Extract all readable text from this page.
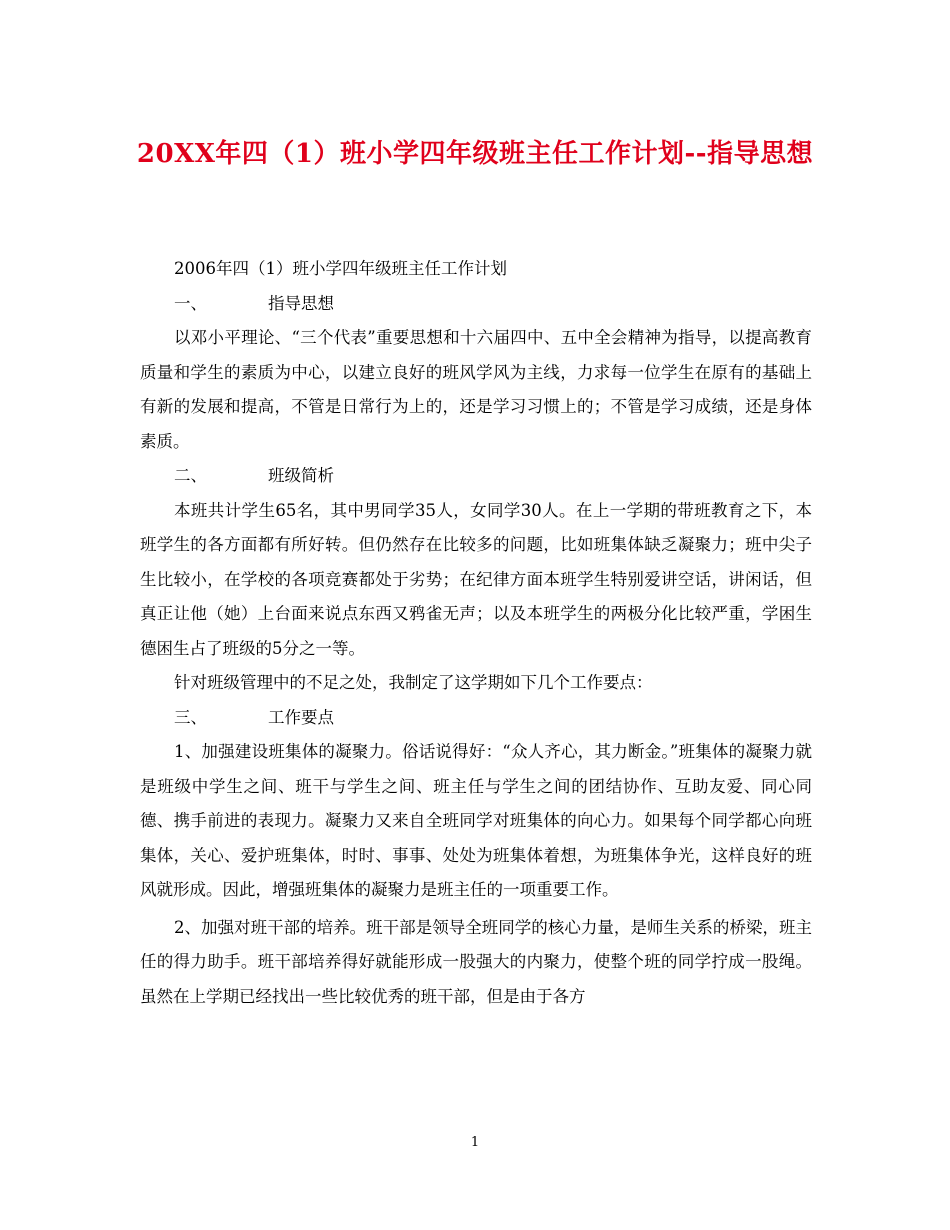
20XX年四（1）班小学四年级班主任工作计划--指导思想

2006年四（1）班小学四年级班主任工作计划

一、	指导思想

以邓小平理论、“三个代表”重要思想和十六届四中、五中全会精神为指导，以提高教育质量和学生的素质为中心，以建立良好的班风学风为主线，力求每一位学生在原有的基础上有新的发展和提高，不管是日常行为上的，还是学习习惯上的；不管是学习成绩，还是身体素质。

二、	班级简析

本班共计学生65名，其中男同学35人，女同学30人。在上一学期的带班教育之下，本班学生的各方面都有所好转。但仍然存在比较多的问题，比如班集体缺乏凝聚力；班中尖子生比较小，在学校的各项竞赛都处于劣势；在纪律方面本班学生特别爱讲空话，讲闲话，但真正让他（她）上台面来说点东西又鸦雀无声；以及本班学生的两极分化比较严重，学困生德困生占了班级的5分之一等。

针对班级管理中的不足之处，我制定了这学期如下几个工作要点：

三、	工作要点

1、加强建设班集体的凝聚力。俗话说得好：“众人齐心，其力断金。”班集体的凝聚力就是班级中学生之间、班干与学生之间、班主任与学生之间的团结协作、互助友爱、同心同德、携手前进的表现力。凝聚力又来自全班同学对班集体的向心力。如果每个同学都心向班集体，关心、爱护班集体，时时、事事、处处为班集体着想，为班集体争光，这样良好的班风就形成。因此，增强班集体的凝聚力是班主任的一项重要工作。

2、加强对班干部的培养。班干部是领导全班同学的核心力量，是师生关系的桥梁，班主任的得力助手。班干部培养得好就能形成一股强大的内聚力，使整个班的同学拧成一股绳。虽然在上学期已经找出一些比较优秀的班干部，但是由于各方

1
